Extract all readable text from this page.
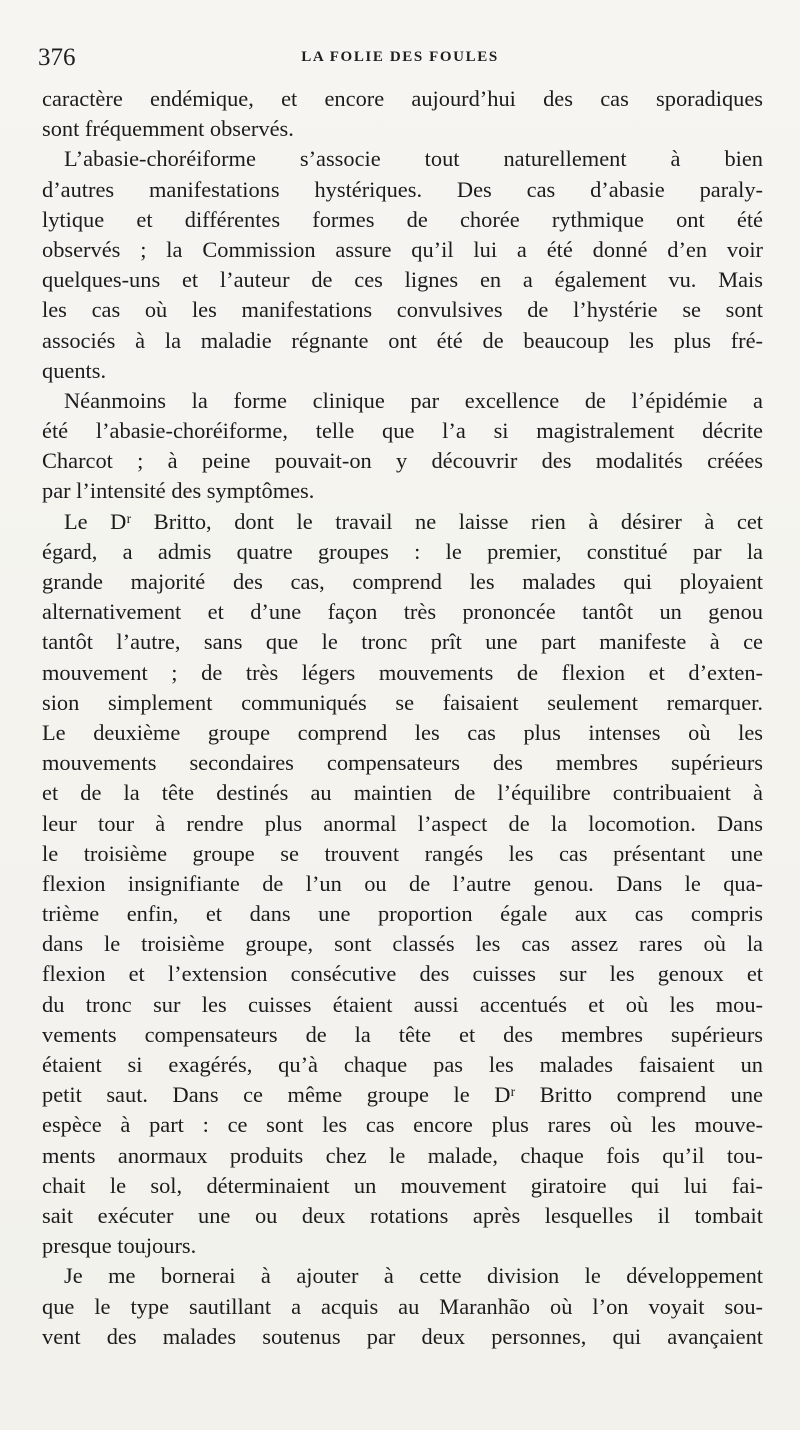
376	LA FOLIE DES FOULES
caractère endémique, et encore aujourd’hui des cas sporadiques
sont fréquemment observés.
L’abasie-choréiforme s’associe tout naturellement à bien
d’autres manifestations hystériques. Des cas d’abasie paraly-
lytique et différentes formes de chorée rythmique ont été
observés ; la Commission assure qu’il lui a été donné d’en voir
quelques-uns et l’auteur de ces lignes en a également vu. Mais
les cas où les manifestations convulsives de l’hystérie se sont
associés à la maladie régnante ont été de beaucoup les plus fré-
quents.
Néanmoins la forme clinique par excellence de l’épidémie a
été l’abasie-choréiforme, telle que l’a si magistralement décrite
Charcot ; à peine pouvait-on y découvrir des modalités créées
par l’intensité des symptômes.
Le Dʳ Britto, dont le travail ne laisse rien à désirer à cet
égard, a admis quatre groupes : le premier, constitué par la
grande majorité des cas, comprend les malades qui ployaient
alternativement et d’une façon très prononcée tantôt un genou
tantôt l’autre, sans que le tronc prît une part manifeste à ce
mouvement ; de très légers mouvements de flexion et d’exten-
sion simplement communiqués se faisaient seulement remarquer.
Le deuxième groupe comprend les cas plus intenses où les
mouvements secondaires compensateurs des membres supérieurs
et de la tête destinés au maintien de l’équilibre contribuaient à
leur tour à rendre plus anormal l’aspect de la locomotion. Dans
le troisième groupe se trouvent rangés les cas présentant une
flexion insignifiante de l’un ou de l’autre genou. Dans le qua-
trième enfin, et dans une proportion égale aux cas compris
dans le troisième groupe, sont classés les cas assez rares où la
flexion et l’extension consécutive des cuisses sur les genoux et
du tronc sur les cuisses étaient aussi accentués et où les mou-
vements compensateurs de la tête et des membres supérieurs
étaient si exagérés, qu’à chaque pas les malades faisaient un
petit saut. Dans ce même groupe le Dʳ Britto comprend une
espèce à part : ce sont les cas encore plus rares où les mouve-
ments anormaux produits chez le malade, chaque fois qu’il tou-
chait le sol, déterminaient un mouvement giratoire qui lui fai-
sait exécuter une ou deux rotations après lesquelles il tombait
presque toujours.
Je me bornerai à ajouter à cette division le développement
que le type sautillant a acquis au Maranhão où l’on voyait sou-
vent des malades soutenus par deux personnes, qui avançaient
